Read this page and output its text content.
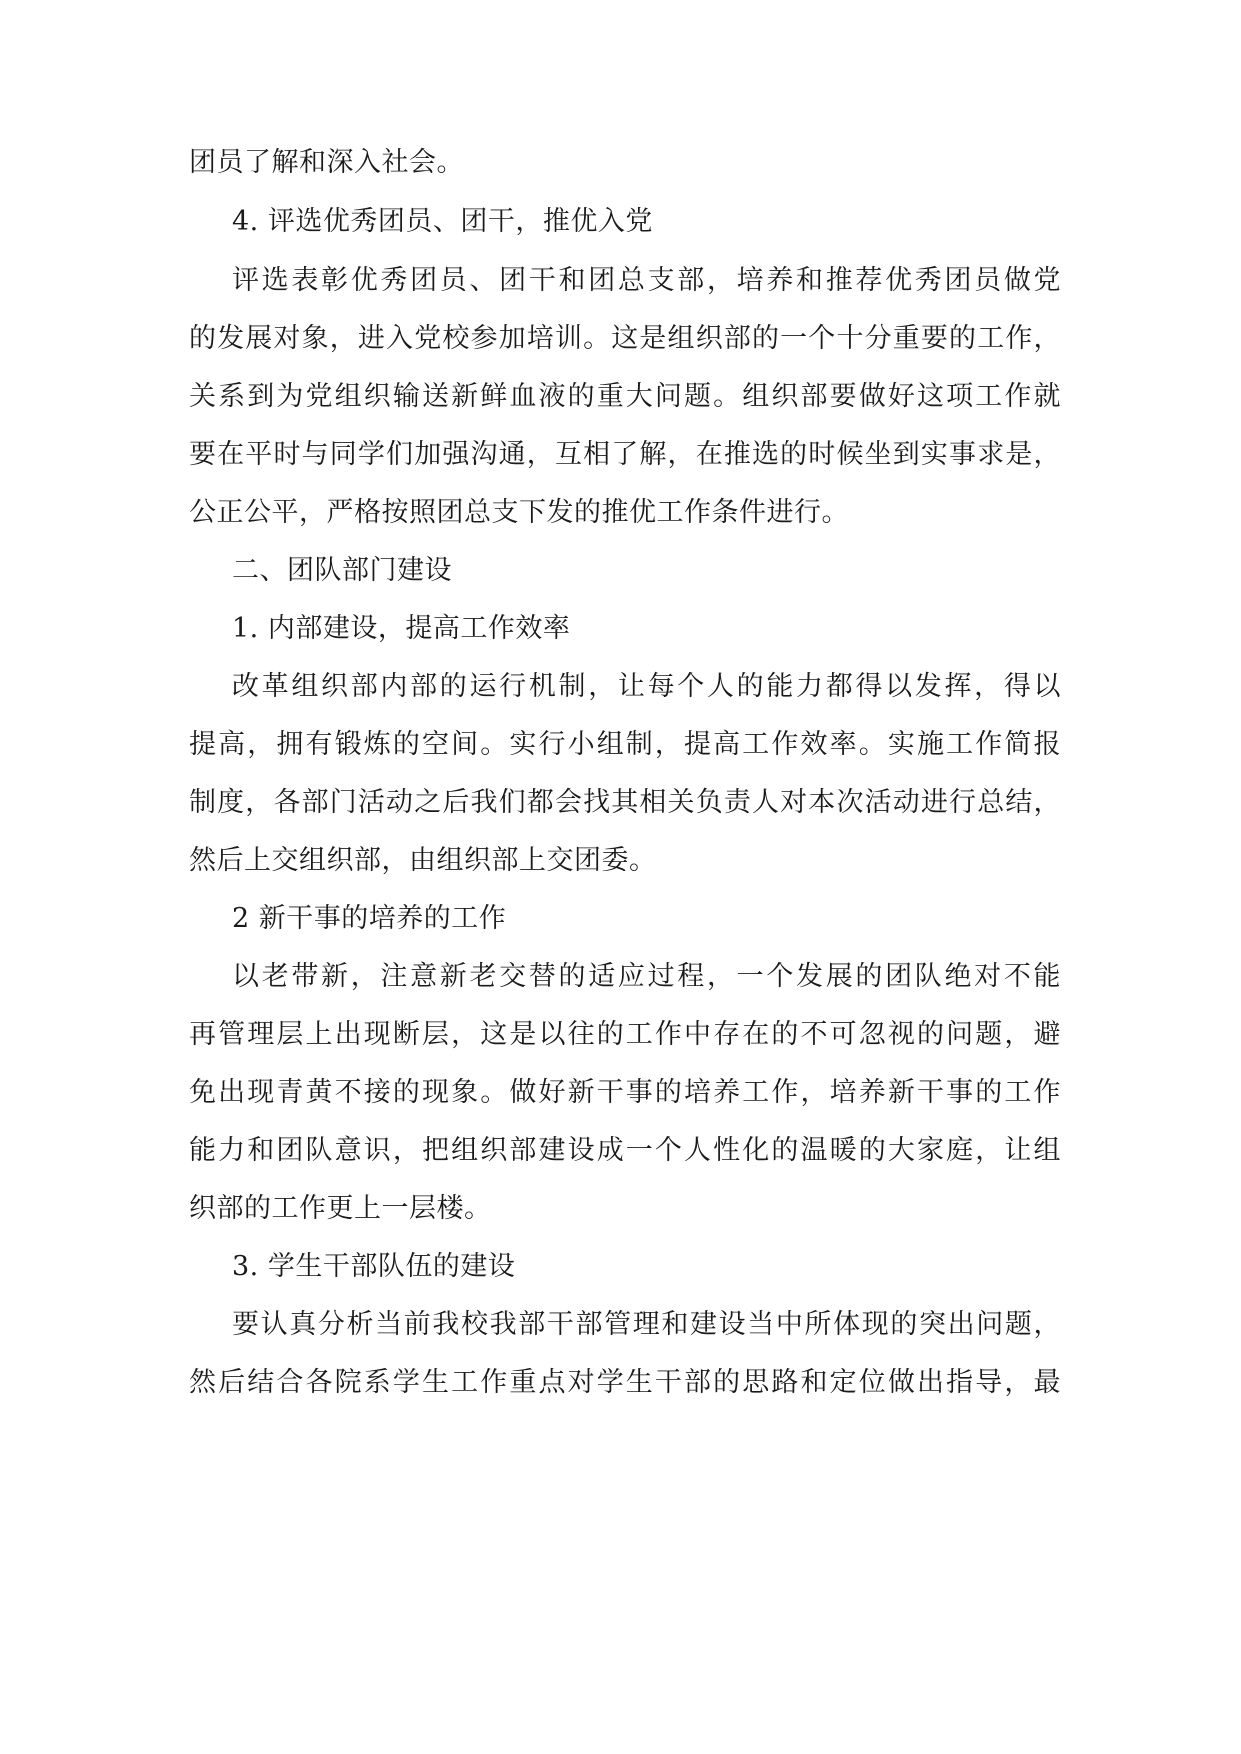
团员了解和深入社会。
4. 评选优秀团员、团干，推优入党
评选表彰优秀团员、团干和团总支部，培养和推荐优秀团员做党
的发展对象，进入党校参加培训。这是组织部的一个十分重要的工作，
关系到为党组织输送新鲜血液的重大问题。组织部要做好这项工作就
要在平时与同学们加强沟通，互相了解，在推选的时候坐到实事求是，
公正公平，严格按照团总支下发的推优工作条件进行。
二、团队部门建设
1. 内部建设，提高工作效率
改革组织部内部的运行机制，让每个人的能力都得以发挥，得以
提高，拥有锻炼的空间。实行小组制，提高工作效率。实施工作简报
制度，各部门活动之后我们都会找其相关负责人对本次活动进行总结，
然后上交组织部，由组织部上交团委。
2 新干事的培养的工作
以老带新，注意新老交替的适应过程，一个发展的团队绝对不能
再管理层上出现断层，这是以往的工作中存在的不可忽视的问题，避
免出现青黄不接的现象。做好新干事的培养工作，培养新干事的工作
能力和团队意识，把组织部建设成一个人性化的温暖的大家庭，让组
织部的工作更上一层楼。
3. 学生干部队伍的建设
要认真分析当前我校我部干部管理和建设当中所体现的突出问题，
然后结合各院系学生工作重点对学生干部的思路和定位做出指导，最
